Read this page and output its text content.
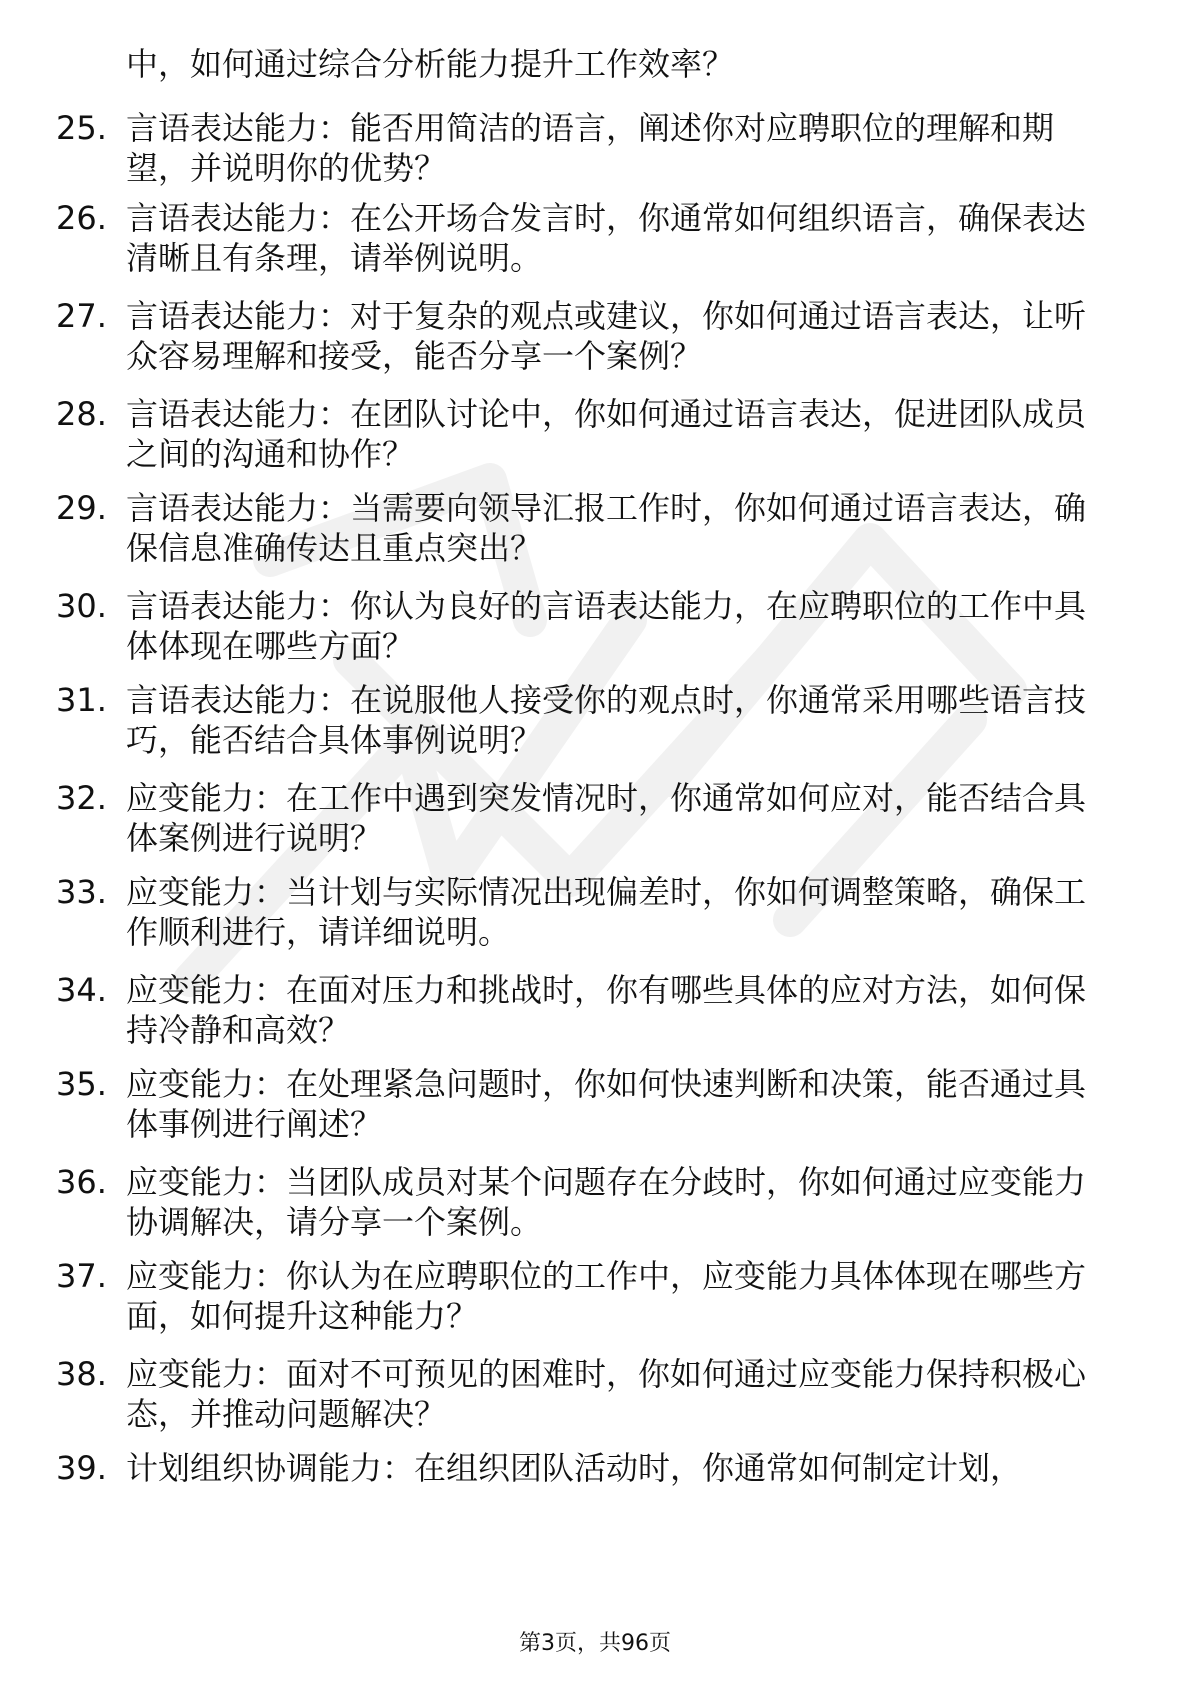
中，如何通过综合分析能力提升工作效率？
25. 言语表达能力：能否用简洁的语言，阐述你对应聘职位的理解和期望，并说明你的优势？
26. 言语表达能力：在公开场合发言时，你通常如何组织语言，确保表达清晰且有条理，请举例说明。
27. 言语表达能力：对于复杂的观点或建议，你如何通过语言表达，让听众容易理解和接受，能否分享一个案例？
28. 言语表达能力：在团队讨论中，你如何通过语言表达，促进团队成员之间的沟通和协作？
29. 言语表达能力：当需要向领导汇报工作时，你如何通过语言表达，确保信息准确传达且重点突出？
30. 言语表达能力：你认为良好的言语表达能力，在应聘职位的工作中具体体现在哪些方面？
31. 言语表达能力：在说服他人接受你的观点时，你通常采用哪些语言技巧，能否结合具体事例说明？
32. 应变能力：在工作中遇到突发情况时，你通常如何应对，能否结合具体案例进行说明？
33. 应变能力：当计划与实际情况出现偏差时，你如何调整策略，确保工作顺利进行，请详细说明。
34. 应变能力：在面对压力和挑战时，你有哪些具体的应对方法，如何保持冷静和高效？
35. 应变能力：在处理紧急问题时，你如何快速判断和决策，能否通过具体事例进行阐述？
36. 应变能力：当团队成员对某个问题存在分歧时，你如何通过应变能力协调解决，请分享一个案例。
37. 应变能力：你认为在应聘职位的工作中，应变能力具体体现在哪些方面，如何提升这种能力？
38. 应变能力：面对不可预见的困难时，你如何通过应变能力保持积极心态，并推动问题解决？
39. 计划组织协调能力：在组织团队活动时，你通常如何制定计划，
第3页，共96页
